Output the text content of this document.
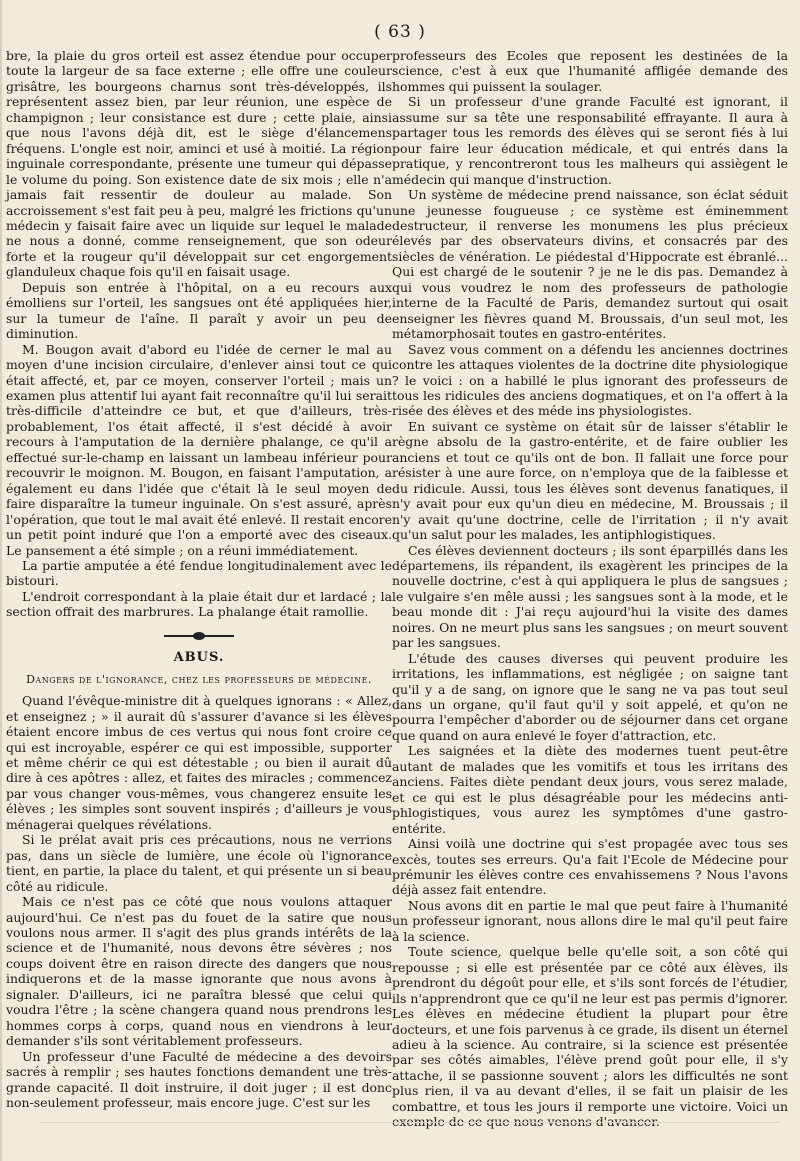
( 63 )

bre, la plaie du gros orteil est assez étendue pour occuper toute la largeur de sa face externe ; elle offre une couleur grisâtre, les bourgeons charnus sont très-développés, ils représentent assez bien, par leur réunion, une espèce de champignon ; leur consistance est dure ; cette plaie, ainsi que nous l'avons déjà dit, est le siège d'élancemens fréquens. L'ongle est noir, aminci et usé à moitié. La région inguinale correspondante, présente une tumeur qui dépasse le volume du poing. Son existence date de six mois ; elle n'a jamais fait ressentir de douleur au malade. Son accroissement s'est fait peu à peu, malgré les frictions qu'un médecin y faisait faire avec un liquide sur lequel le malade ne nous a donné, comme renseignement, que son odeur forte et la rougeur qu'il développait sur cet engorgement glanduleux chaque fois qu'il en faisait usage.

Depuis son entrée à l'hôpital, on a eu recours aux émolliens sur l'orteil, les sangsues ont été appliquées hier, sur la tumeur de l'aîne. Il paraît y avoir un peu de diminution.

M. Bougon avait d'abord eu l'idée de cerner le mal au moyen d'une incision circulaire, d'enlever ainsi tout ce qui était affecté, et, par ce moyen, conserver l'orteil ; mais un examen plus attentif lui ayant fait reconnaître qu'il lui serait très-difficile d'atteindre ce but, et que d'ailleurs, très-probablement, l'os était affecté, il s'est décidé à avoir recours à l'amputation de la dernière phalange, ce qu'il a effectué sur-le-champ en laissant un lambeau inférieur pour recouvrir le moignon. M. Bougon, en faisant l'amputation, a également eu dans l'idée que c'était là le seul moyen de faire disparaître la tumeur inguinale. On s'est assuré, après l'opération, que tout le mal avait été enlevé. Il restait encore un petit point induré que l'on a emporté avec des ciseaux. Le pansement a été simple ; on a réuni immédiatement.

La partie amputée a été fendue longitudinalement avec le bistouri.

L'endroit correspondant à la plaie était dur et lardacé ; la section offrait des marbrures. La phalange était ramollie.

ABUS.
Dangers de l'ignorance, chez les professeurs de médecine.

Quand l'évêque-ministre dit à quelques ignorans : « Allez, et enseignez ; » il aurait dû s'assurer d'avance si les élèves étaient encore imbus de ces vertus qui nous font croire ce qui est incroyable, espérer ce qui est impossible, supporter et même chérir ce qui est détestable ; ou bien il aurait dû dire à ces apôtres : allez, et faites des miracles ; commencez par vous changer vous-mêmes, vous changerez ensuite les élèves ; les simples sont souvent inspirés ; d'ailleurs je vous ménagerai quelques révélations.

Si le prélat avait pris ces précautions, nous ne verrions pas, dans un siècle de lumière, une école où l'ignorance tient, en partie, la place du talent, et qui présente un si beau côté au ridicule.

Mais ce n'est pas ce côté que nous voulons attaquer aujourd'hui. Ce n'est pas du fouet de la satire que nous voulons nous armer. Il s'agit des plus grands intérêts de la science et de l'humanité, nous devons être sévères ; nos coups doivent être en raison directe des dangers que nous indiquerons et de la masse ignorante que nous avons à signaler. D'ailleurs, ici ne paraîtra blessé que celui qui voudra l'être ; la scène changera quand nous prendrons les hommes corps à corps, quand nous en viendrons à leur demander s'ils sont véritablement professeurs.

Un professeur d'une Faculté de médecine a des devoirs sacrés à remplir ; ses hautes fonctions demandent une très-grande capacité. Il doit instruire, il doit juger ; il est donc non-seulement professeur, mais encore juge. C'est sur les

professeurs des Ecoles que reposent les destinées de la science, c'est à eux que l'humanité affligée demande des hommes qui puissent la soulager.

Si un professeur d'une grande Faculté est ignorant, il assume sur sa tête une responsabilité effrayante. Il aura à partager tous les remords des élèves qui se seront fiés à lui pour faire leur éducation médicale, et qui entrés dans la pratique, y rencontreront tous les malheurs qui assiègent le médecin qui manque d'instruction.

Un système de médecine prend naissance, son éclat séduit une jeunesse fougueuse ; ce système est éminemment destructeur, il renverse les monumens les plus précieux élevés par des observateurs divins, et consacrés par des siècles de vénération. Le piédestal d'Hippocrate est ébranlé... Qui est chargé de le soutenir ? je ne le dis pas. Demandez à qui vous voudrez le nom des professeurs de pathologie interne de la Faculté de Paris, demandez surtout qui osait enseigner les fièvres quand M. Broussais, d'un seul mot, les métamorphosait toutes en gastro-entérites.

Savez vous comment on a défendu les anciennes doctrines contre les attaques violentes de la doctrine dite physiologique ? le voici : on a habillé le plus ignorant des professeurs de tous les ridicules des anciens dogmatiques, et on l'a offert à la risée des élèves et des méde ins physiologistes.

En suivant ce système on était sûr de laisser s'établir le règne absolu de la gastro-entérite, et de faire oublier les anciens et tout ce qu'ils ont de bon. Il fallait une force pour résister à une aure force, on n'employa que de la faiblesse et du ridicule. Aussi, tous les élèves sont devenus fanatiques, il n'y avait pour eux qu'un dieu en médecine, M. Broussais ; il n'y avait qu'une doctrine, celle de l'irritation ; il n'y avait qu'un salut pour les malades, les antiphlogistiques.

Ces élèves deviennent docteurs ; ils sont éparpillés dans les départemens, ils répandent, ils exagèrent les principes de la nouvelle doctrine, c'est à qui appliquera le plus de sangsues ; le vulgaire s'en mêle aussi ; les sangsues sont à la mode, et le beau monde dit : J'ai reçu aujourd'hui la visite des dames noires. On ne meurt plus sans les sangsues ; on meurt souvent par les sangsues.

L'étude des causes diverses qui peuvent produire les irritations, les inflammations, est négligée ; on saigne tant qu'il y a de sang, on ignore que le sang ne va pas tout seul dans un organe, qu'il faut qu'il y soit appelé, et qu'on ne pourra l'empêcher d'aborder ou de séjourner dans cet organe que quand on aura enlevé le foyer d'attraction, etc.

Les saignées et la diète des modernes tuent peut-être autant de malades que les vomitifs et tous les irritans des anciens. Faites diète pendant deux jours, vous serez malade, et ce qui est le plus désagréable pour les médecins anti-phlogistiques, vous aurez les symptômes d'une gastro-entérite.

Ainsi voilà une doctrine qui s'est propagée avec tous ses excès, toutes ses erreurs. Qu'a fait l'Ecole de Médecine pour prémunir les élèves contre ces envahissemens ? Nous l'avons déjà assez fait entendre.

Nous avons dit en partie le mal que peut faire à l'humanité un professeur ignorant, nous allons dire le mal qu'il peut faire à la science.

Toute science, quelque belle qu'elle soit, a son côté qui repousse ; si elle est présentée par ce côté aux élèves, ils prendront du dégoût pour elle, et s'ils sont forcés de l'étudier, ils n'apprendront que ce qu'il ne leur est pas permis d'ignorer. Les élèves en médecine étudient la plupart pour être docteurs, et une fois parvenus à ce grade, ils disent un éternel adieu à la science. Au contraire, si la science est présentée par ses côtés aimables, l'élève prend goût pour elle, il s'y attache, il se passionne souvent ; alors les difficultés ne sont plus rien, il va au devant d'elles, il se fait un plaisir de les combattre, et tous les jours il remporte une victoire. Voici un exemple de ce que nous venons d'avancer.
